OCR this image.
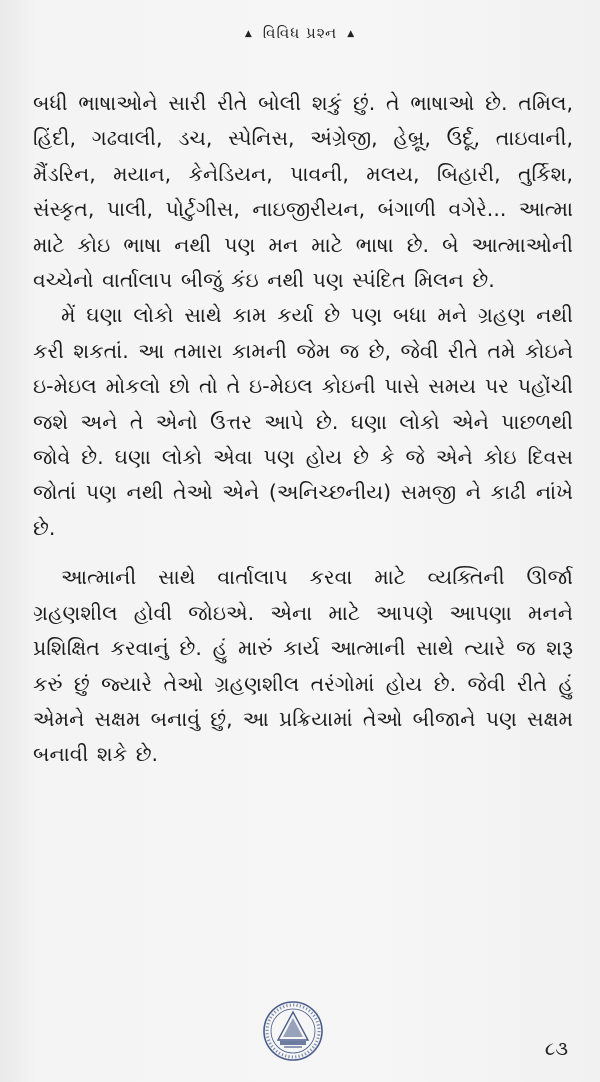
▲ વિવિધ પ્રશ્ન ▲

બધી ભાષાઓને સારી રીતે બોલી શકું છું. તે ભાષાઓ છે. તમિલ, હિંદી, ગઢવાલી, ડચ, સ્પેનિસ, અંગ્રેજી, હેબ્રૂ, ઉર્દૂ, તાઇવાની, મૈંડરિન, મયાન, કેનેડિયન, પાવની, મલય, બિહારી, તુર્કિશ, સંસ્કૃત, પાલી, પોર્ટુગીસ, નાઇજીરીયન, બંગાળી વગેરે... આત્મા માટે કોઇ ભાષા નથી પણ મન માટે ભાષા છે. બે આત્માઓની વચ્ચેનો વાર્તાલાપ બીજું કંઇ નથી પણ સ્પંદિત મિલન છે.

મેં ઘણા લોકો સાથે કામ કર્યા છે પણ બધા મને ગ્રહણ નથી કરી શકતાં. આ તમારા કામની જેમ જ છે, જેવી રીતે તમે કોઇને ઇ-મેઇલ મોકલો છો તો તે ઇ-મેઇલ કોઇની પાસે સમય પર પહોંચી જશે અને તે એનો ઉત્તર આપે છે. ઘણા લોકો એને પાછળથી જોવે છે. ઘણા લોકો એવા પણ હોય છે કે જે એને કોઇ દિવસ જોતાં પણ નથી તેઓ એને (અનિચ્છનીય) સમજી ને કાઢી નાંખે છે.

આત્માની સાથે વાર્તાલાપ કરવા માટે વ્યક્તિની ઊર્જા ગ્રહણશીલ હોવી જોઇએ. એના માટે આપણે આપણા મનને પ્રશિક્ષિત કરવાનું છે. હું મારું કાર્ય આત્માની સાથે ત્યારે જ શરૂ કરું છું જ્યારે તેઓ ગ્રહણશીલ તરંગોમાં હોય છે. જેવી રીતે હું એમને સક્ષમ બનાવું છું, આ પ્રક્રિયામાં તેઓ બીજાને પણ સક્ષમ બનાવી શકે છે.

૮૩
